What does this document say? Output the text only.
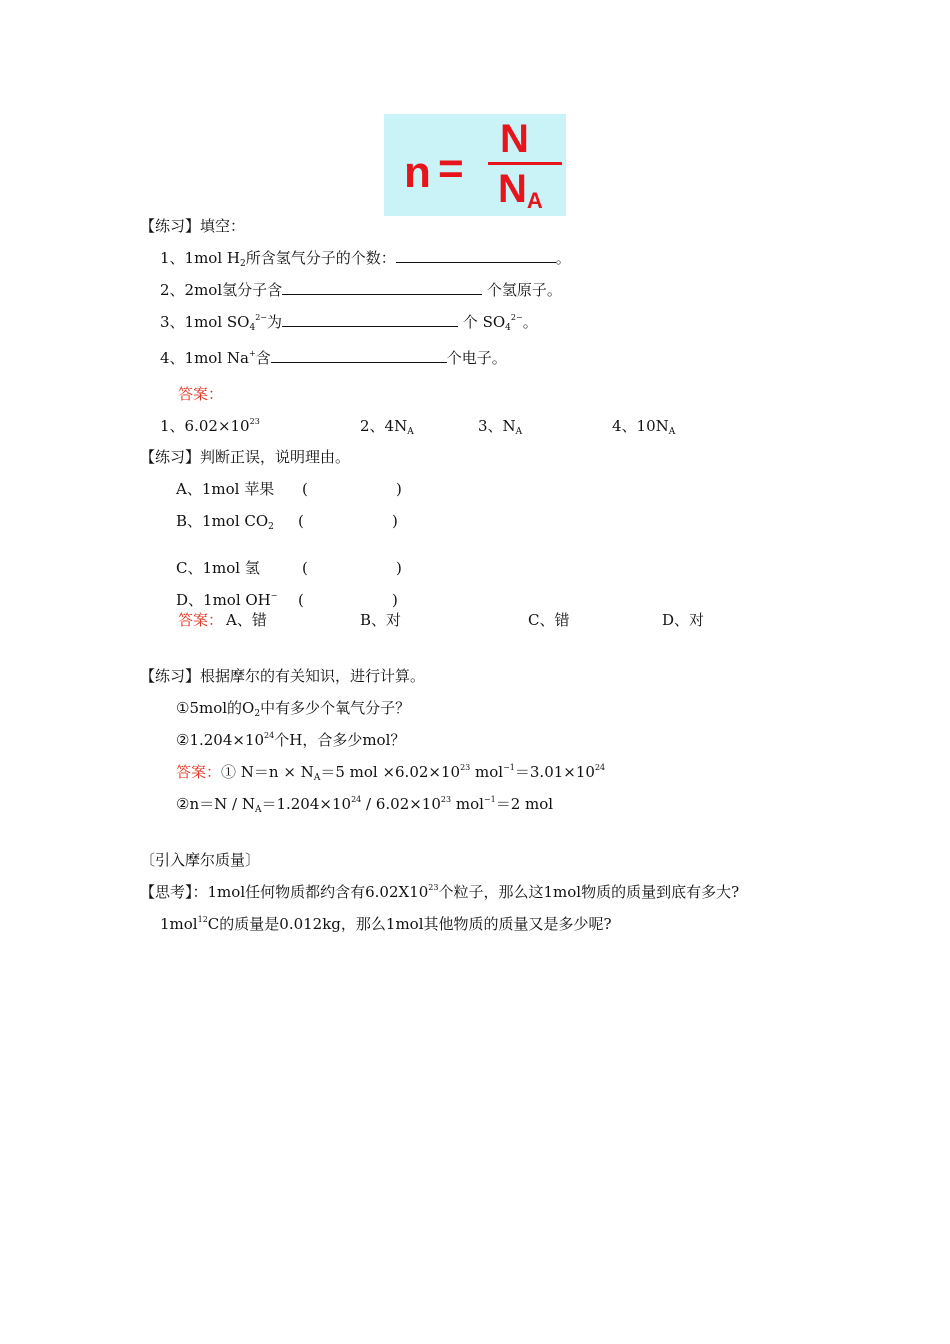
n =
N
NA
【练习】填空：
1、1mol $H_2$所含氢气分子的个数：	。
2、2mol氢分子含	个氢原子。
3、1mol $SO_4^{2-}$为	个 $SO_4^{2-}$。
4、1mol Na+含	个电子。
答案：
1、$6.02\times 10^{23}$	2、$4N_A$	3、$N_A$	4、$10N_A$
【练习】判断正误，说明理由。
A、1mol 苹果 (	)
B、1mol $CO_2$ (	)
C、1mol 氢	(	)
D、1mol OH− (	)
答案： A、错	B、对	C、错	D、对
【练习】根据摩尔的有关知识，进行计算。
①5mol的$O_2$中有多少个氧气分子？
$②1.204\times 10^{24}$个H，合多少mol？
答案：① $N=n \times N_A=5$ mol $\times 6.02\times 10^{23}$ $mol^{-1}=3.01\times 10^{24}$
②n＝N / $N_A=1.204\times 10^{24} / 6.02\times 10^{23}$ mol$^{-1}$＝2 mol
〔引入摩尔质量〕
【思考】：1mol任何物质都约含有$6.02X10^{23}$个粒子，那么这1mol物质的质量到底有多大?
1mol$^{12}$C的质量是0.012kg，那么1mol其他物质的质量又是多少呢?
